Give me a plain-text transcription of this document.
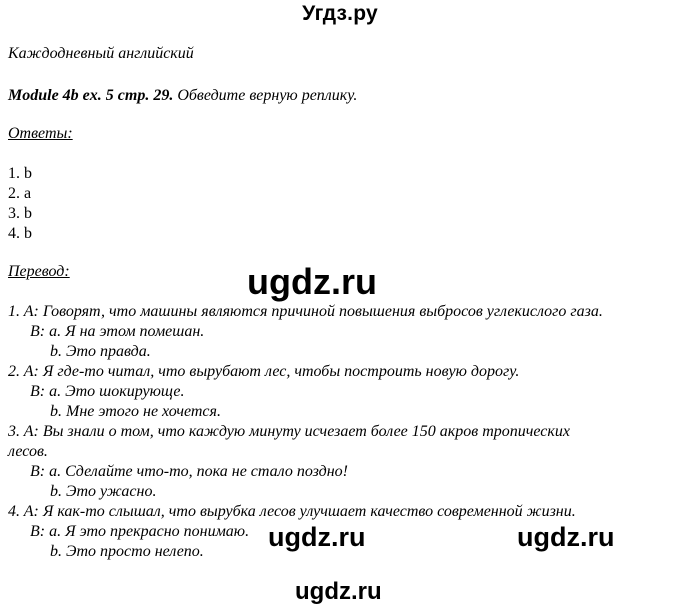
Угдз.ру
Каждодневный английский
Module 4b ex. 5 стр. 29. Обведите верную реплику.
Ответы:
1. b
2. a
3. b
4. b
Перевод:
1. A: Говорят, что машины являются причиной повышения выбросов углекислого газа.
B: a. Я на этом помешан.
b. Это правда.
2. A: Я где-то читал, что вырубают лес, чтобы построить новую дорогу.
B: a. Это шокирующе.
b. Мне этого не хочется.
3. A: Вы знали о том, что каждую минуту исчезает более 150 акров тропических
лесов.
B: a. Сделайте что-то, пока не стало поздно!
b. Это ужасно.
4. A: Я как-то слышал, что вырубка лесов улучшает качество современной жизни.
B: a. Я это прекрасно понимаю.
b. Это просто нелепо.
ugdz.ru
ugdz.ru	ugdz.ru
ugdz.ru
